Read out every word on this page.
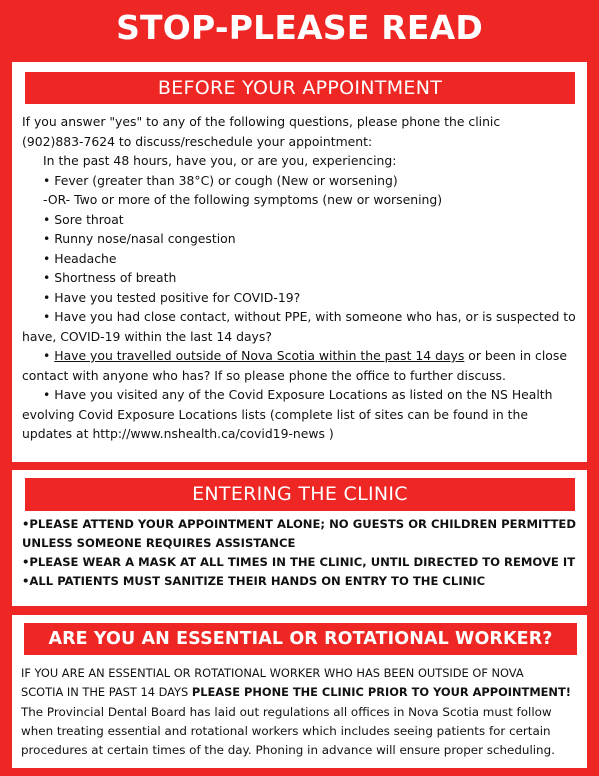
STOP-PLEASE READ
BEFORE YOUR APPOINTMENT
If you answer "yes" to any of the following questions, please phone the clinic
(902)883-7624 to discuss/reschedule your appointment:
In the past 48 hours, have you, or are you, experiencing:
• Fever (greater than 38°C) or cough (New or worsening)
-OR- Two or more of the following symptoms (new or worsening)
• Sore throat
• Runny nose/nasal congestion
• Headache
• Shortness of breath
• Have you tested positive for COVID-19?
• Have you had close contact, without PPE, with someone who has, or is suspected to
have, COVID-19 within the last 14 days?
• Have you travelled outside of Nova Scotia within the past 14 days or been in close
contact with anyone who has? If so please phone the office to further discuss.
• Have you visited any of the Covid Exposure Locations as listed on the NS Health
evolving Covid Exposure Locations lists (complete list of sites can be found in the
updates at http://www.nshealth.ca/covid19-news )
ENTERING THE CLINIC
•PLEASE ATTEND YOUR APPOINTMENT ALONE; NO GUESTS OR CHILDREN PERMITTED
UNLESS SOMEONE REQUIRES ASSISTANCE
•PLEASE WEAR A MASK AT ALL TIMES IN THE CLINIC, UNTIL DIRECTED TO REMOVE IT
•ALL PATIENTS MUST SANITIZE THEIR HANDS ON ENTRY TO THE CLINIC
ARE YOU AN ESSENTIAL OR ROTATIONAL WORKER?
IF YOU ARE AN ESSENTIAL OR ROTATIONAL WORKER WHO HAS BEEN OUTSIDE OF NOVA
SCOTIA IN THE PAST 14 DAYS PLEASE PHONE THE CLINIC PRIOR TO YOUR APPOINTMENT!
The Provincial Dental Board has laid out regulations all offices in Nova Scotia must follow
when treating essential and rotational workers which includes seeing patients for certain
procedures at certain times of the day. Phoning in advance will ensure proper scheduling.
